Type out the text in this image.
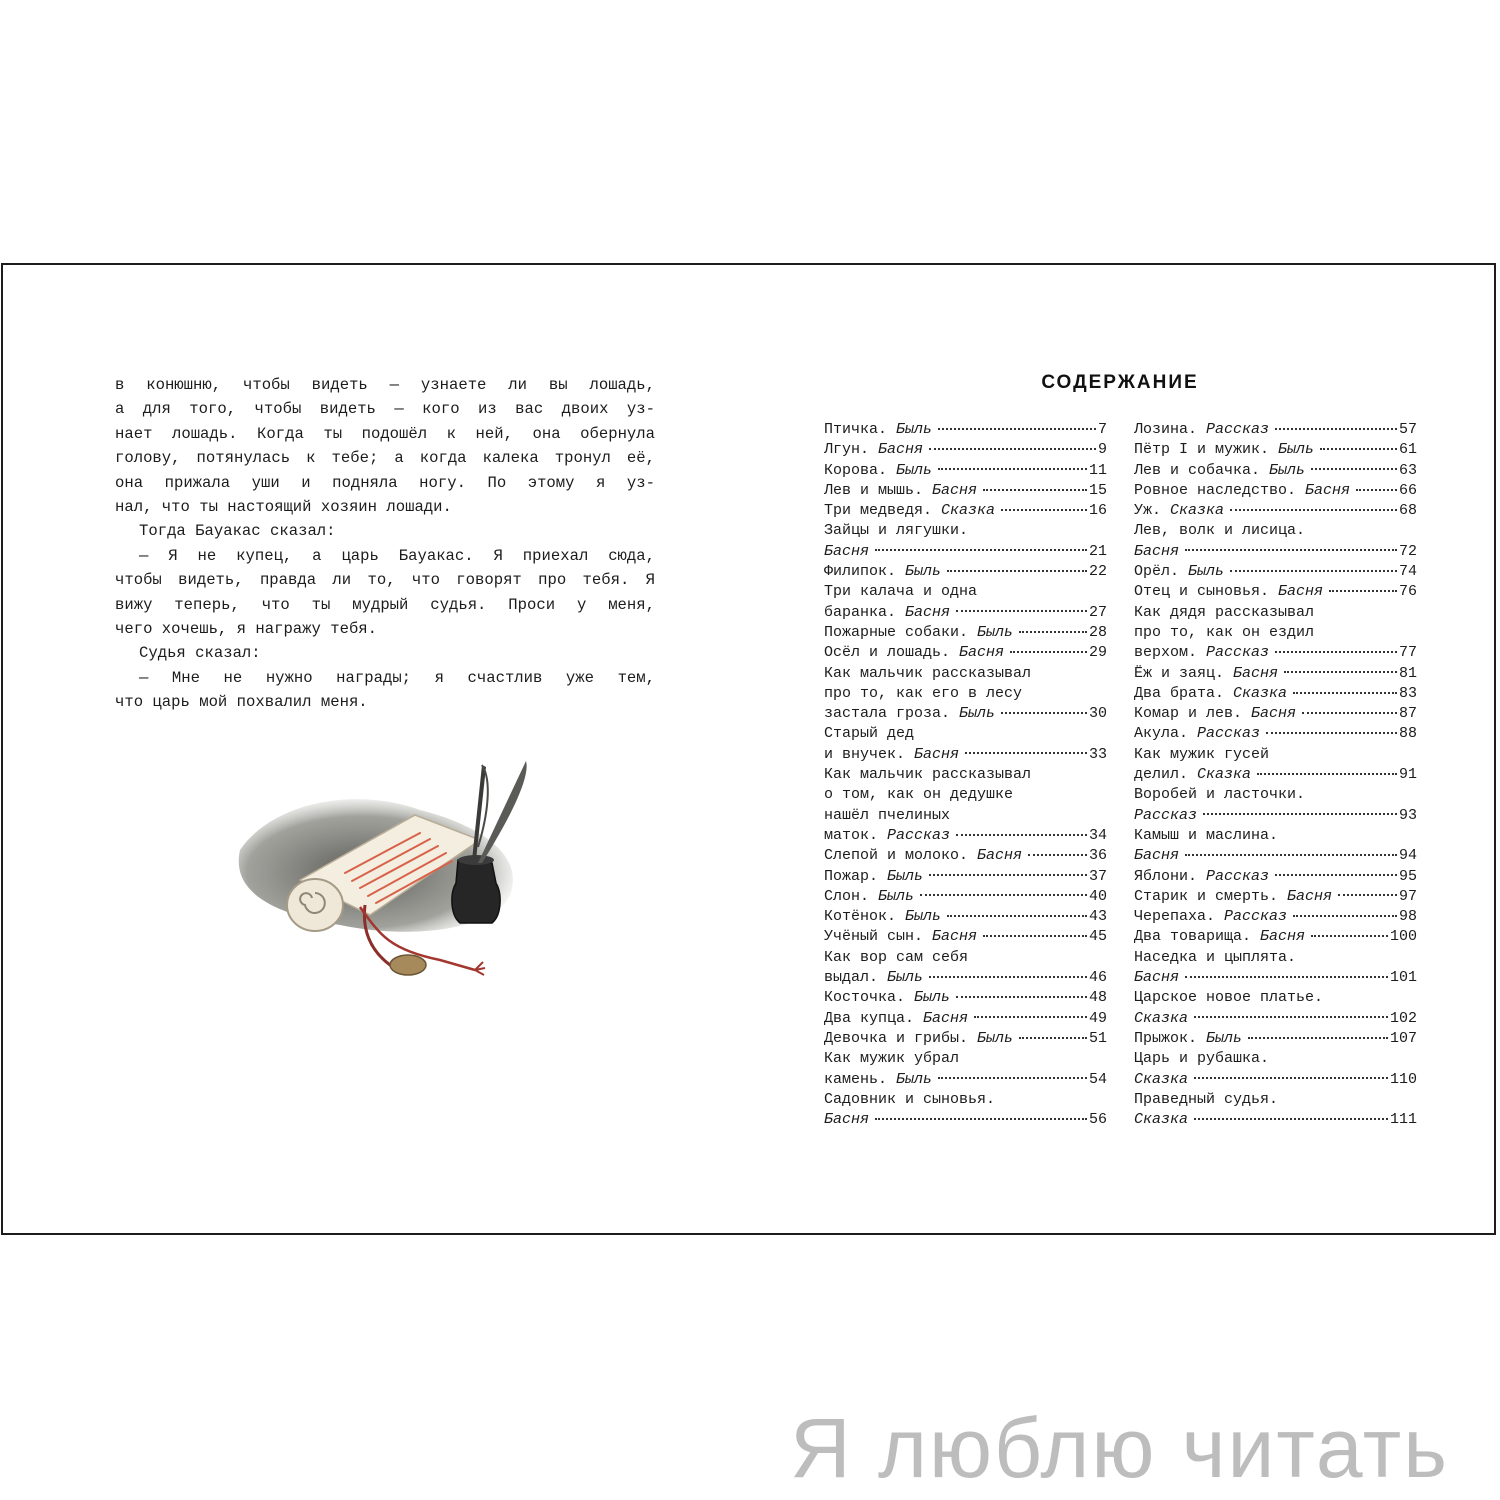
в конюшню, чтобы видеть — узнаете ли вы лошадь,
а для того, чтобы видеть — кого из вас двоих уз-
нает лошадь. Когда ты подошёл к ней, она обернула
голову, потянулась к тебе; а когда калека тронул её,
она прижала уши и подняла ногу. По этому я уз-
нал, что ты настоящий хозяин лошади.
Тогда Бауакас сказал:
— Я не купец, а царь Бауакас. Я приехал сюда,
чтобы видеть, правда ли то, что говорят про тебя. Я
вижу теперь, что ты мудрый судья. Проси у меня,
чего хочешь, я награжу тебя.
Судья сказал:
— Мне не нужно награды; я счастлив уже тем,
что царь мой похвалил меня.
СОДЕРЖАНИЕ
Птичка.
Быль	7
Лгун.
Басня	9
Корова.
Быль	11
Лев и мышь.
Басня	15
Три медведя.
Сказка	16
Зайцы и лягушки.
Басня	21
Филипок.
Быль	22
Три калача и одна
баранка.
Басня	27
Пожарные собаки.
Быль	28
Осёл и лошадь.
Басня	29
Как мальчик рассказывал
про то, как его в лесу
застала гроза.
Быль	30
Старый дед
и внучек.
Басня	33
Как мальчик рассказывал
о том, как он дедушке
нашёл пчелиных
маток.
Рассказ	34
Слепой и молоко.
Басня	36
Пожар.
Быль	37
Слон.
Быль	40
Котёнок.
Быль	43
Учёный сын.
Басня	45
Как вор сам себя
выдал.
Быль	46
Косточка.
Быль	48
Два купца.
Басня	49
Девочка и грибы.
Быль	51
Как мужик убрал
камень.
Быль	54
Садовник и сыновья.
Басня	56
Лозина.
Рассказ	57
Пётр I и мужик.
Быль	61
Лев и собачка.
Быль	63
Ровное наследство.
Басня	66
Уж.
Сказка	68
Лев, волк и лисица.
Басня	72
Орёл.
Быль	74
Отец и сыновья.
Басня	76
Как дядя рассказывал
про то, как он ездил
верхом.
Рассказ	77
Ёж и заяц.
Басня	81
Два брата.
Сказка	83
Комар и лев.
Басня	87
Акула.
Рассказ	88
Как мужик гусей
делил.
Сказка	91
Воробей и ласточки.
Рассказ	93
Камыш и маслина.
Басня	94
Яблони.
Рассказ	95
Старик и смерть.
Басня	97
Черепаха.
Рассказ	98
Два товарища.
Басня	100
Наседка и цыплята.
Басня	101
Царское новое платье.
Сказка	102
Прыжок.
Быль	107
Царь и рубашка.
Сказка	110
Праведный судья.
Сказка	111
Я люблю читать
